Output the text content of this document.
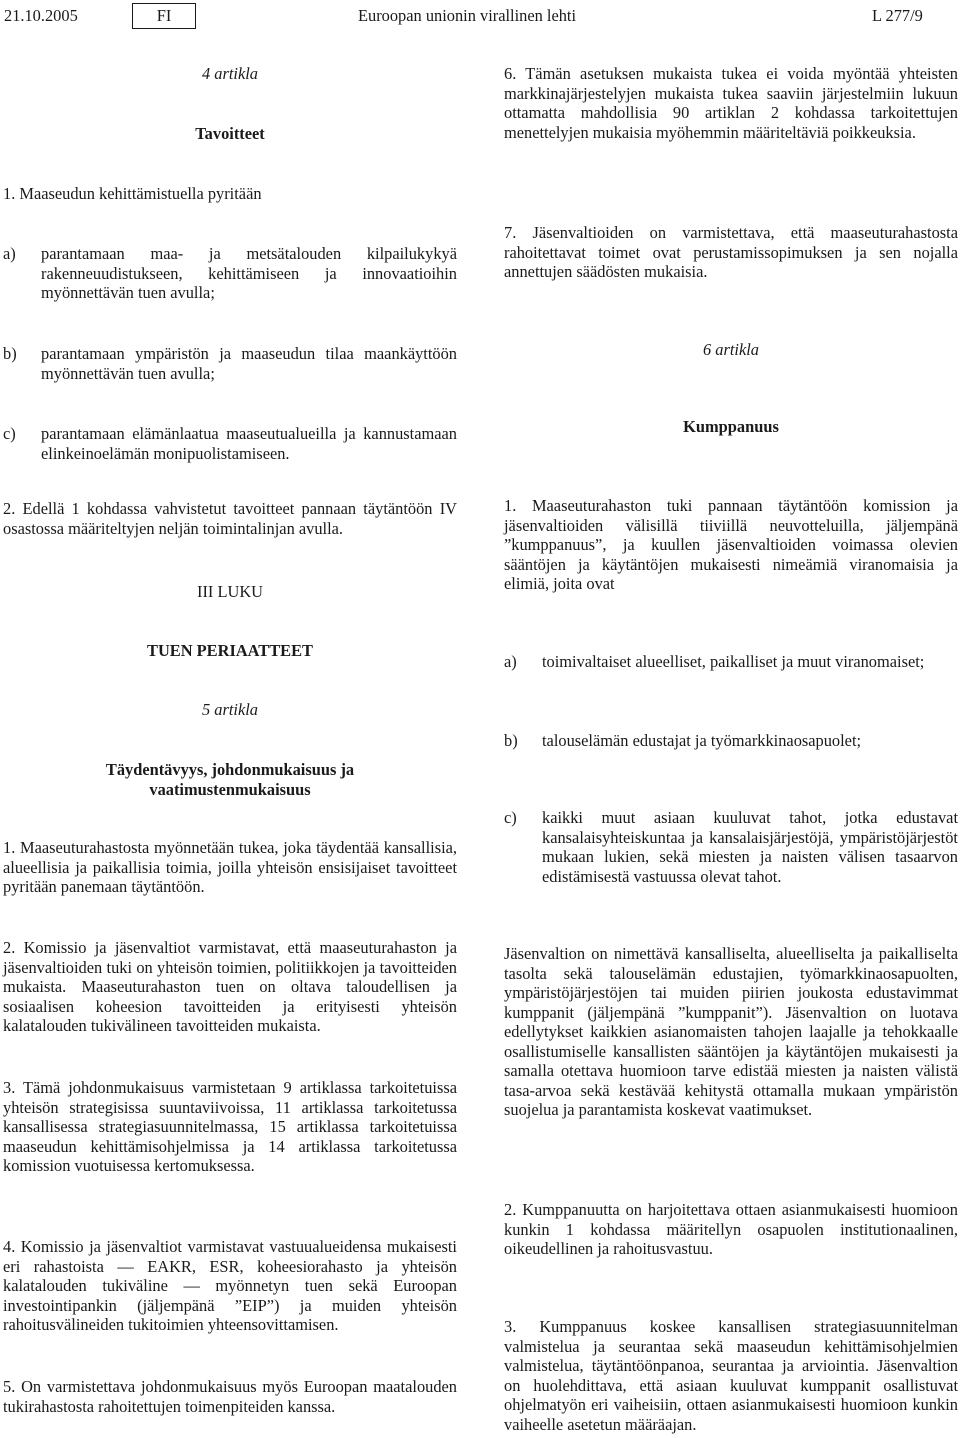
21.10.2005	FI	Euroopan unionin virallinen lehti	L 277/9
4 artikla
Tavoitteet
1. Maaseudun kehittämistuella pyritään
a)	parantamaan maa- ja metsätalouden kilpailukykyä rakenneuudistukseen, kehittämiseen ja innovaatioihin myönnettävän tuen avulla;
b)	parantamaan ympäristön ja maaseudun tilaa maankäyttöön myönnettävän tuen avulla;
c)	parantamaan elämänlaatua maaseutualueilla ja kannustamaan elinkeinoelämän monipuolistamiseen.
2. Edellä 1 kohdassa vahvistetut tavoitteet pannaan täytäntöön IV osastossa määriteltyjen neljän toimintalinjan avulla.
III LUKU
TUEN PERIAATTEET
5 artikla
Täydentävyys, johdonmukaisuus ja vaatimustenmukaisuus
1. Maaseuturahastosta myönnetään tukea, joka täydentää kansallisia, alueellisia ja paikallisia toimia, joilla yhteisön ensisijaiset tavoitteet pyritään panemaan täytäntöön.
2. Komissio ja jäsenvaltiot varmistavat, että maaseuturahaston ja jäsenvaltioiden tuki on yhteisön toimien, politiikkojen ja tavoitteiden mukaista. Maaseuturahaston tuen on oltava taloudellisen ja sosiaalisen koheesion tavoitteiden ja erityisesti yhteisön kalatalouden tukivälineen tavoitteiden mukaista.
3. Tämä johdonmukaisuus varmistetaan 9 artiklassa tarkoitetuissa yhteisön strategisissa suuntaviivoissa, 11 artiklassa tarkoitetussa kansallisessa strategiasuunnitelmassa, 15 artiklassa tarkoitetuissa maaseudun kehittämisohjelmissa ja 14 artiklassa tarkoitetussa komission vuotuisessa kertomuksessa.
4. Komissio ja jäsenvaltiot varmistavat vastuualueidensa mukaisesti eri rahastoista — EAKR, ESR, koheesiorahasto ja yhteisön kalatalouden tukiväline — myönnetyn tuen sekä Euroopan investointipankin (jäljempänä ”EIP”) ja muiden yhteisön rahoitusvälineiden tukitoimien yhteensovittamisen.
5. On varmistettava johdonmukaisuus myös Euroopan maatalouden tukirahastosta rahoitettujen toimenpiteiden kanssa.
6. Tämän asetuksen mukaista tukea ei voida myöntää yhteisten markkinajärjestelyjen mukaista tukea saaviin järjestelmiin lukuun ottamatta mahdollisia 90 artiklan 2 kohdassa tarkoitettujen menettelyjen mukaisia myöhemmin määriteltäviä poikkeuksia.
7. Jäsenvaltioiden on varmistettava, että maaseuturahastosta rahoitettavat toimet ovat perustamissopimuksen ja sen nojalla annettujen säädösten mukaisia.
6 artikla
Kumppanuus
1. Maaseuturahaston tuki pannaan täytäntöön komission ja jäsenvaltioiden välisillä tiiviillä neuvotteluilla, jäljempänä ”kumppanuus”, ja kuullen jäsenvaltioiden voimassa olevien sääntöjen ja käytäntöjen mukaisesti nimeämiä viranomaisia ja elimiä, joita ovat
a)	toimivaltaiset alueelliset, paikalliset ja muut viranomaiset;
b)	talouselämän edustajat ja työmarkkinaosapuolet;
c)	kaikki muut asiaan kuuluvat tahot, jotka edustavat kansalaisyhteiskuntaa ja kansalaisjärjestöjä, ympäristöjärjestöt mukaan lukien, sekä miesten ja naisten välisen tasaarvon edistämisestä vastuussa olevat tahot.
Jäsenvaltion on nimettävä kansalliselta, alueelliselta ja paikalliselta tasolta sekä talouselämän edustajien, työmarkkinaosapuolten, ympäristöjärjestöjen tai muiden piirien joukosta edustavimmat kumppanit (jäljempänä ”kumppanit”). Jäsenvaltion on luotava edellytykset kaikkien asianomaisten tahojen laajalle ja tehokkaalle osallistumiselle kansallisten sääntöjen ja käytäntöjen mukaisesti ja samalla otettava huomioon tarve edistää miesten ja naisten välistä tasa-arvoa sekä kestävää kehitystä ottamalla mukaan ympäristön suojelua ja parantamista koskevat vaatimukset.
2. Kumppanuutta on harjoitettava ottaen asianmukaisesti huomioon kunkin 1 kohdassa määritellyn osapuolen institutionaalinen, oikeudellinen ja rahoitusvastuu.
3. Kumppanuus koskee kansallisen strategiasuunnitelman valmistelua ja seurantaa sekä maaseudun kehittämisohjelmien valmistelua, täytäntöönpanoa, seurantaa ja arviointia. Jäsenvaltion on huolehdittava, että asiaan kuuluvat kumppanit osallistuvat ohjelmatyön eri vaiheisiin, ottaen asianmukaisesti huomioon kunkin vaiheelle asetetun määräajan.
